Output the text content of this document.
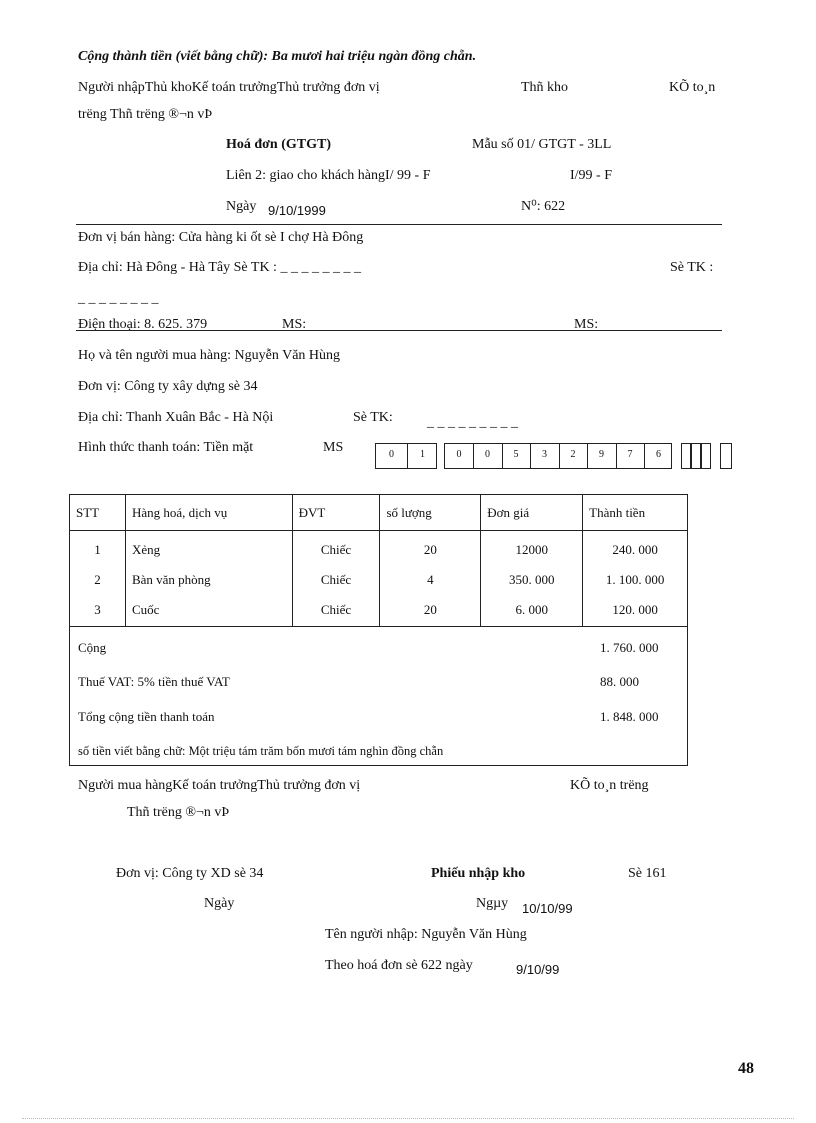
Cộng thành tiền (viết bằng chữ): Ba mươi hai triệu ngàn đồng chẵn.
Người nhậpThủ khoKế toán trưởngThủ trưởng đơn vị	Thñ kho	KÕ to¸n
trëng Thñ trëng ®¬n vÞ
Hoá đơn (GTGT)	Mẫu số 01/ GTGT - 3LL
Liên 2: giao cho khách hàngI/ 99 - F	I/99 - F
Ngày 9/10/1999	N⁰: 622
Đơn vị bán hàng: Cửa hàng ki ốt sè I chợ Hà Đông
Địa chỉ: Hà Đông - Hà Tây Sè TK : _ _ _ _ _ _ _ _	Sè TK :
_ _ _ _ _ _ _ _
Điện thoại: 8. 625. 379	MS:	MS:
Họ và tên người mua hàng: Nguyễn Văn Hùng
Đơn vị: Công ty xây dựng sè 34
Địa chỉ: Thanh Xuân Bắc - Hà Nội	Sè TK: _ _ _ _ _ _ _ _ _
Hình thức thanh toán: Tiền mặt	MS	0	1	0	0	5	3	2	9	7	6
STT	Hàng hoá, dịch vụ	ĐVT	số lượng	Đơn giá	Thành tiền
1	Xẻng	Chiếc	20	12000	240. 000
2	Bàn văn phòng	Chiếc	4	350. 000	1. 100. 000
3	Cuốc	Chiếc	20	6. 000	120. 000
Cộng	1. 760. 000
Thuế VAT: 5% tiền thuế VAT	88. 000
Tổng cộng tiền thanh toán	1. 848. 000
số tiền viết bằng chữ: Một triệu tám trăm bốn mươi tám nghìn đồng chẵn
Người mua hàngKế toán trưởngThủ trưởng đơn vị	KÕ to¸n trëng
Thñ trëng ®¬n vÞ
Đơn vị: Công ty XD sè 34	Phiếu nhập kho	Sè 161
Ngày	Ngµy 10/10/99
Tên người nhập: Nguyễn Văn Hùng
Theo hoá đơn sè 622 ngày	9/10/99
48
